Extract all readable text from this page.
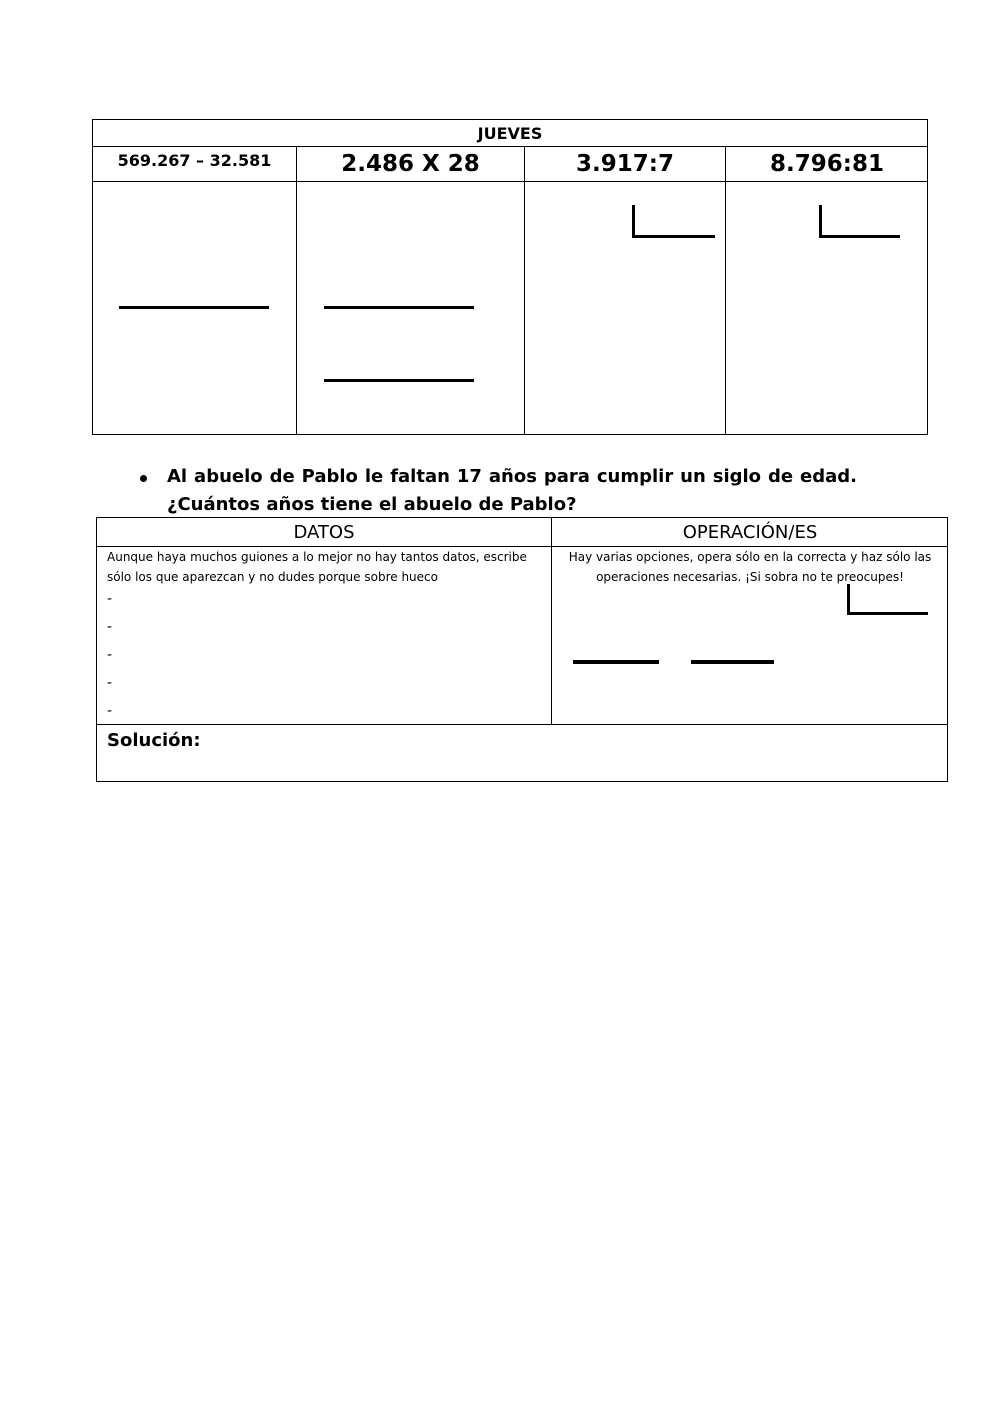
JUEVES
569.267 – 32.581	2.486 X 28	3.917:7	8.796:81
Al abuelo de Pablo le faltan 17 años para cumplir un siglo de edad.
¿Cuántos años tiene el abuelo de Pablo?
DATOS	OPERACIÓN/ES
Aunque haya muchos guiones a lo mejor no hay tantos datos, escribe
sólo los que aparezcan y no dudes porque sobre hueco
-
-
-
-
-
Hay varias opciones, opera sólo en la correcta y haz sólo las
operaciones necesarias. ¡Si sobra no te preocupes!
Solución:
